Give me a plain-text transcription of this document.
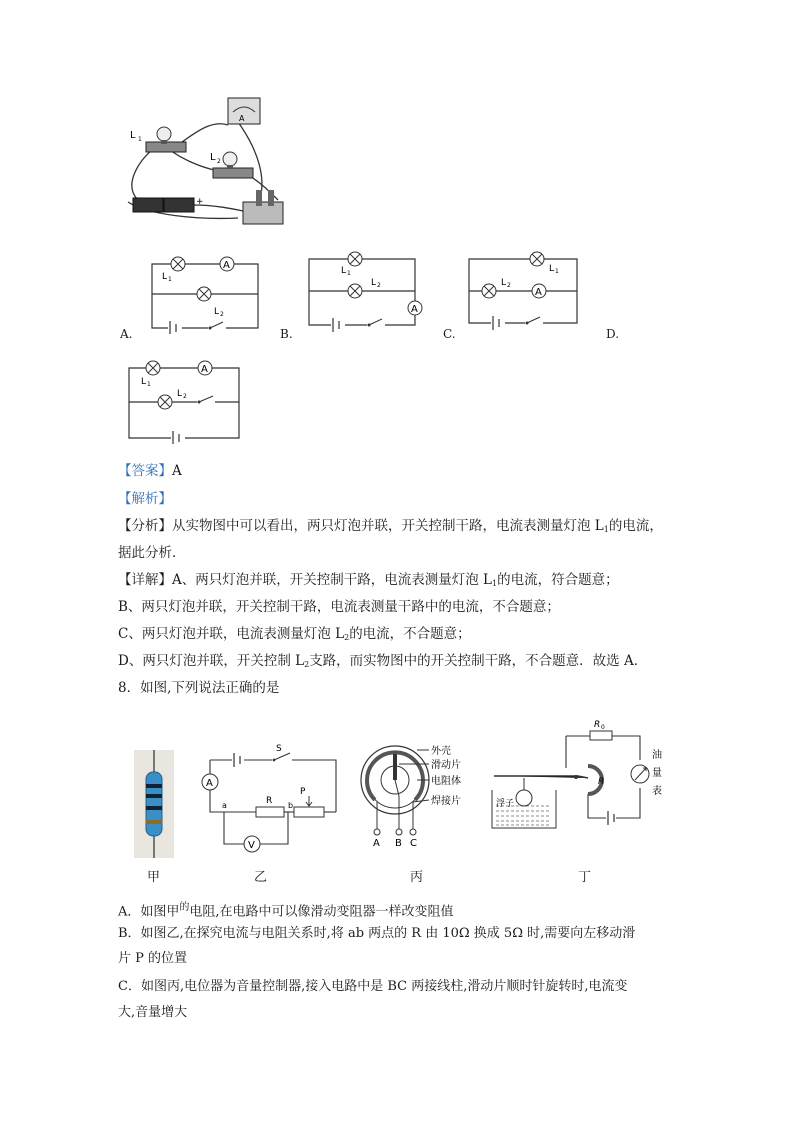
L 1
L 2
A
+
A
L 1
L 2
A.
A
L 1
L 2
B.
A
L 1
L 2
C.	D.
A
L 1
L 2
【答案】A
【解析】
【分析】从实物图中可以看出，两只灯泡并联，开关控制干路，电流表测量灯泡 $L_1$的电流，
据此分析．
【详解】A、两只灯泡并联，开关控制干路，电流表测量灯泡 $L_1$的电流，符合题意；
B、两只灯泡并联，开关控制干路，电流表测量干路中的电流，不合题意；
C、两只灯泡并联，电流表测量灯泡 $L_2$的电流，不合题意；
D、两只灯泡并联，开关控制 $L_2$支路，而实物图中的开关控制干路，不合题意．故选 A．
8．如图,下列说法正确的是
S
A
R
a	b
P
V	A B C
外壳
滑动片
电阻体
焊接片
R 0
油
量
表
R
浮子
甲	乙	丙	丁
A．如图甲$^的$电阻,在电路中可以像滑动变阻器一样改变阻值
B．如图乙,在探究电流与电阻关系时,将 ab 两点的 R 由 10Ω 换成 5Ω 时,需要向左移动滑
片 P 的位置
C．如图丙,电位器为音量控制器,接入电路中是 BC 两接线柱,滑动片顺时针旋转时,电流变
大,音量增大
